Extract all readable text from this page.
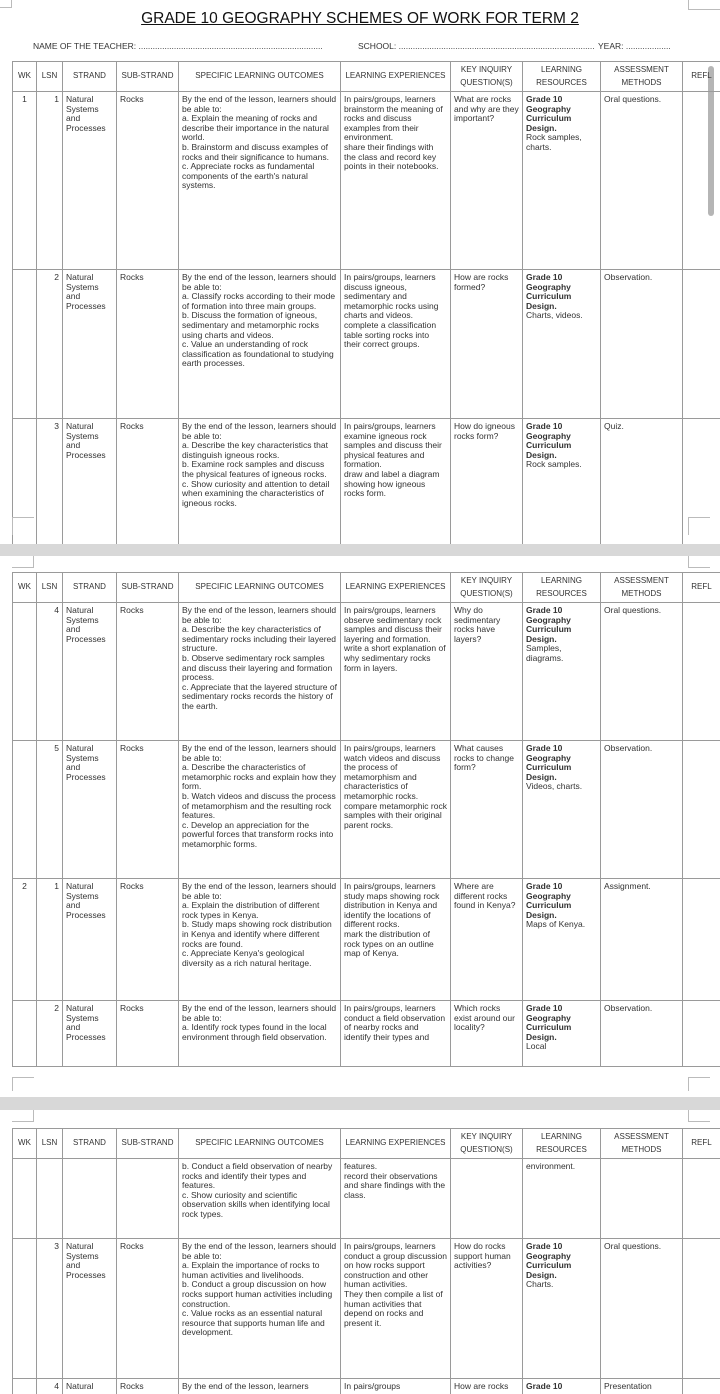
GRADE 10 GEOGRAPHY SCHEMES OF WORK FOR TERM 2
NAME OF THE TEACHER: ..............................................................................	SCHOOL: ................................................................................... YEAR: ...................
WK	LSN	STRAND	SUB-STRAND	SPECIFIC LEARNING OUTCOMES	LEARNING EXPERIENCES	KEY INQUIRY QUESTION(S)	LEARNING RESOURCES	ASSESSMENT METHODS	REFL
1	1	Natural Systems and Processes	Rocks	By the end of the lesson, learners should be able to:
a. Explain the meaning of rocks and describe their importance in the natural world.
b. Brainstorm and discuss examples of rocks and their significance to humans.
c. Appreciate rocks as fundamental components of the earth's natural systems.	In pairs/groups, learners brainstorm the meaning of rocks and discuss examples from their environment.
share their findings with the class and record key points in their notebooks.	What are rocks and why are they important?	Grade 10 Geography Curriculum Design.
Rock samples, charts.	Oral questions.	
	2	Natural Systems and Processes	Rocks	By the end of the lesson, learners should be able to:
a. Classify rocks according to their mode of formation into three main groups.
b. Discuss the formation of igneous, sedimentary and metamorphic rocks using charts and videos.
c. Value an understanding of rock classification as foundational to studying earth processes.	In pairs/groups, learners discuss igneous, sedimentary and metamorphic rocks using charts and videos.
complete a classification table sorting rocks into their correct groups.	How are rocks formed?	Grade 10 Geography Curriculum Design.
Charts, videos.	Observation.	
	3	Natural Systems and Processes	Rocks	By the end of the lesson, learners should be able to:
a. Describe the key characteristics that distinguish igneous rocks.
b. Examine rock samples and discuss the physical features of igneous rocks.
c. Show curiosity and attention to detail when examining the characteristics of igneous rocks.	In pairs/groups, learners examine igneous rock samples and discuss their physical features and formation.
draw and label a diagram showing how igneous rocks form.	How do igneous rocks form?	Grade 10 Geography Curriculum Design.
Rock samples.	Quiz.	
WK	LSN	STRAND	SUB-STRAND	SPECIFIC LEARNING OUTCOMES	LEARNING EXPERIENCES	KEY INQUIRY QUESTION(S)	LEARNING RESOURCES	ASSESSMENT METHODS	REFL
	4	Natural Systems and Processes	Rocks	By the end of the lesson, learners should be able to:
a. Describe the key characteristics of sedimentary rocks including their layered structure.
b. Observe sedimentary rock samples and discuss their layering and formation process.
c. Appreciate that the layered structure of sedimentary rocks records the history of the earth.	In pairs/groups, learners observe sedimentary rock samples and discuss their layering and formation.
write a short explanation of why sedimentary rocks form in layers.	Why do sedimentary rocks have layers?	Grade 10 Geography Curriculum Design.
Samples, diagrams.	Oral questions.	
	5	Natural Systems and Processes	Rocks	By the end of the lesson, learners should be able to:
a. Describe the characteristics of metamorphic rocks and explain how they form.
b. Watch videos and discuss the process of metamorphism and the resulting rock features.
c. Develop an appreciation for the powerful forces that transform rocks into metamorphic forms.	In pairs/groups, learners watch videos and discuss the process of metamorphism and characteristics of metamorphic rocks.
compare metamorphic rock samples with their original parent rocks.	What causes rocks to change form?	Grade 10 Geography Curriculum Design.
Videos, charts.	Observation.	
2	1	Natural Systems and Processes	Rocks	By the end of the lesson, learners should be able to:
a. Explain the distribution of different rock types in Kenya.
b. Study maps showing rock distribution in Kenya and identify where different rocks are found.
c. Appreciate Kenya's geological diversity as a rich natural heritage.	In pairs/groups, learners study maps showing rock distribution in Kenya and identify the locations of different rocks.
mark the distribution of rock types on an outline map of Kenya.	Where are different rocks found in Kenya?	Grade 10 Geography Curriculum Design.
Maps of Kenya.	Assignment.	
	2	Natural Systems and Processes	Rocks	By the end of the lesson, learners should be able to:
a. Identify rock types found in the local environment through field observation.	In pairs/groups, learners conduct a field observation of nearby rocks and identify their types and	Which rocks exist around our locality?	Grade 10 Geography Curriculum Design.
Local	Observation.	
WK	LSN	STRAND	SUB-STRAND	SPECIFIC LEARNING OUTCOMES	LEARNING EXPERIENCES	KEY INQUIRY QUESTION(S)	LEARNING RESOURCES	ASSESSMENT METHODS	REFL

				b. Conduct a field observation of nearby rocks and identify their types and features.
c. Show curiosity and scientific observation skills when identifying local rock types.	features.
record their observations and share findings with the class.		environment.		

	3	Natural Systems and Processes	Rocks	By the end of the lesson, learners should be able to:
a. Explain the importance of rocks to human activities and livelihoods.
b. Conduct a group discussion on how rocks support human activities including construction.
c. Value rocks as an essential natural resource that supports human life and development.	In pairs/groups, learners conduct a group discussion on how rocks support construction and other human activities.
They then compile a list of human activities that depend on rocks and present it.	How do rocks support human activities?	Grade 10 Geography Curriculum Design.
Charts.	Oral questions.	
	4	Natural	Rocks	By the end of the lesson, learners	In pairs/groups	How are rocks	Grade 10	Presentation	
